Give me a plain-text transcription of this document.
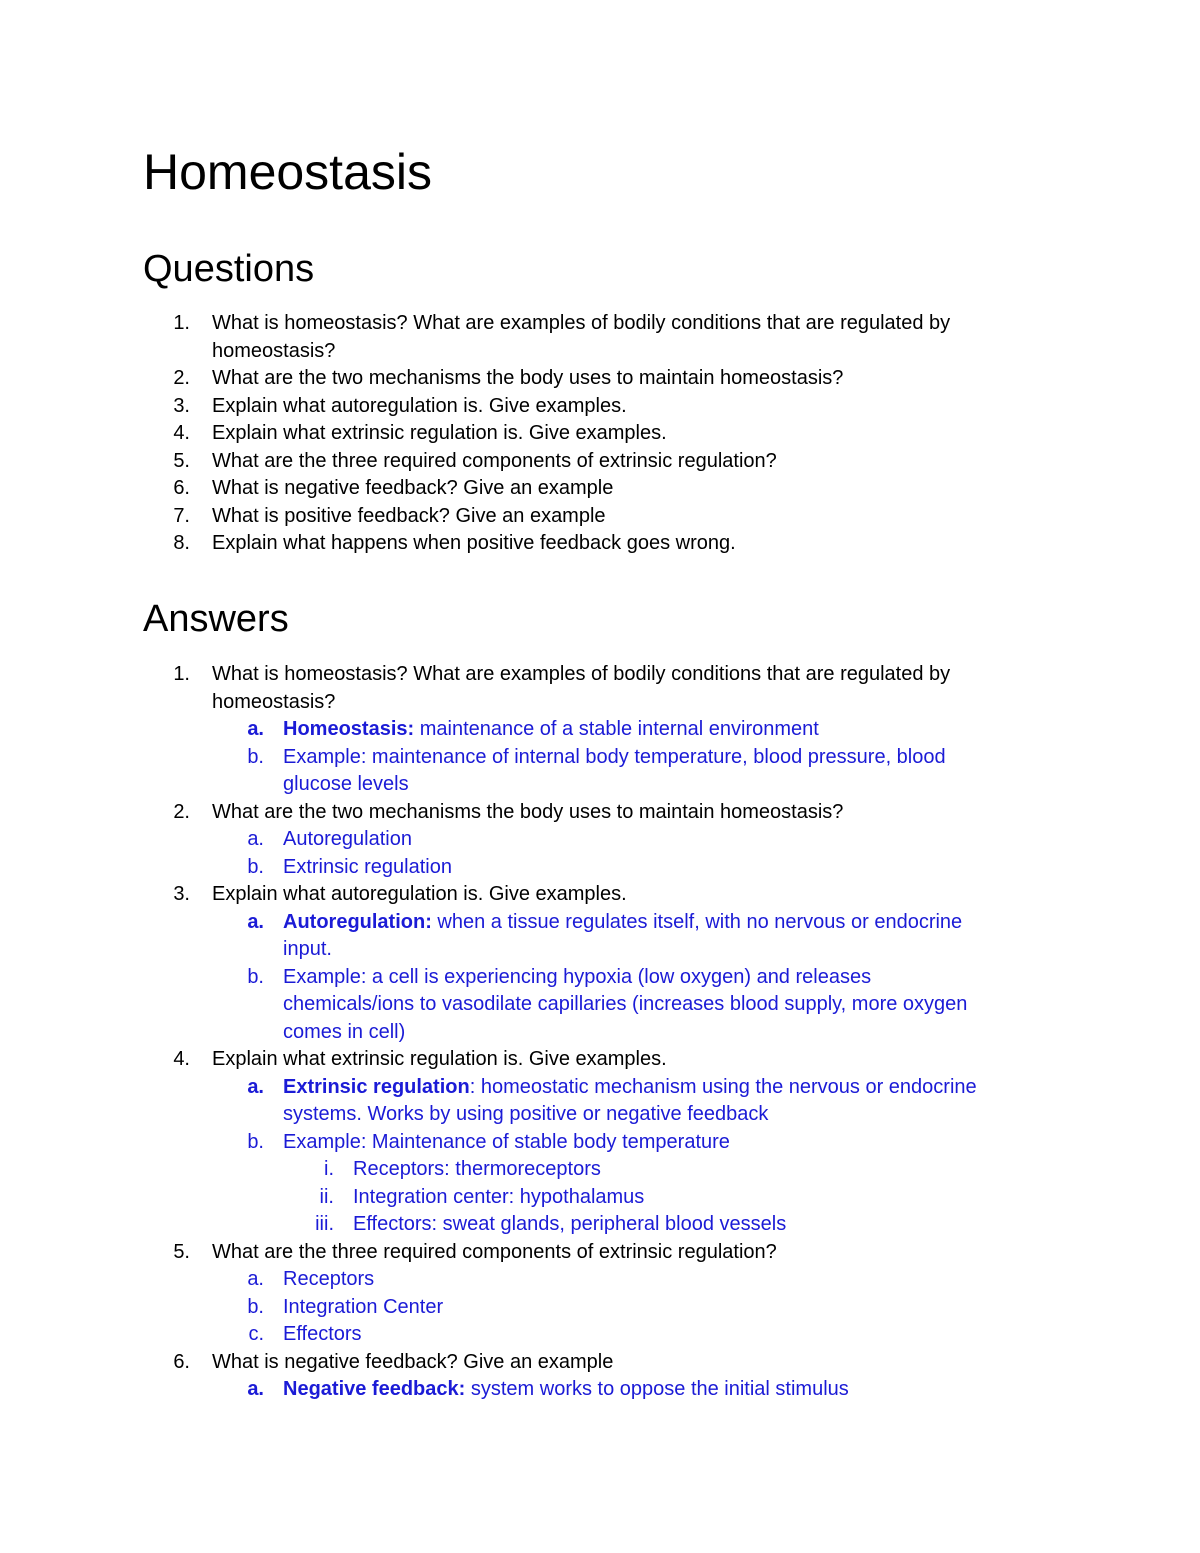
Homeostasis
Questions
1. What is homeostasis? What are examples of bodily conditions that are regulated by
homeostasis?
2. What are the two mechanisms the body uses to maintain homeostasis?
3. Explain what autoregulation is. Give examples.
4. Explain what extrinsic regulation is. Give examples.
5. What are the three required components of extrinsic regulation?
6. What is negative feedback? Give an example
7. What is positive feedback? Give an example
8. Explain what happens when positive feedback goes wrong.
Answers
1. What is homeostasis? What are examples of bodily conditions that are regulated by
homeostasis?
a. Homeostasis: maintenance of a stable internal environment
b. Example: maintenance of internal body temperature, blood pressure, blood
glucose levels
2. What are the two mechanisms the body uses to maintain homeostasis?
a. Autoregulation
b. Extrinsic regulation
3. Explain what autoregulation is. Give examples.
a. Autoregulation: when a tissue regulates itself, with no nervous or endocrine
input.
b. Example: a cell is experiencing hypoxia (low oxygen) and releases
chemicals/ions to vasodilate capillaries (increases blood supply, more oxygen
comes in cell)
4. Explain what extrinsic regulation is. Give examples.
a. Extrinsic regulation: homeostatic mechanism using the nervous or endocrine
systems. Works by using positive or negative feedback
b. Example: Maintenance of stable body temperature
i. Receptors: thermoreceptors
ii. Integration center: hypothalamus
iii. Effectors: sweat glands, peripheral blood vessels
5. What are the three required components of extrinsic regulation?
a. Receptors
b. Integration Center
c. Effectors
6. What is negative feedback? Give an example
a. Negative feedback: system works to oppose the initial stimulus
